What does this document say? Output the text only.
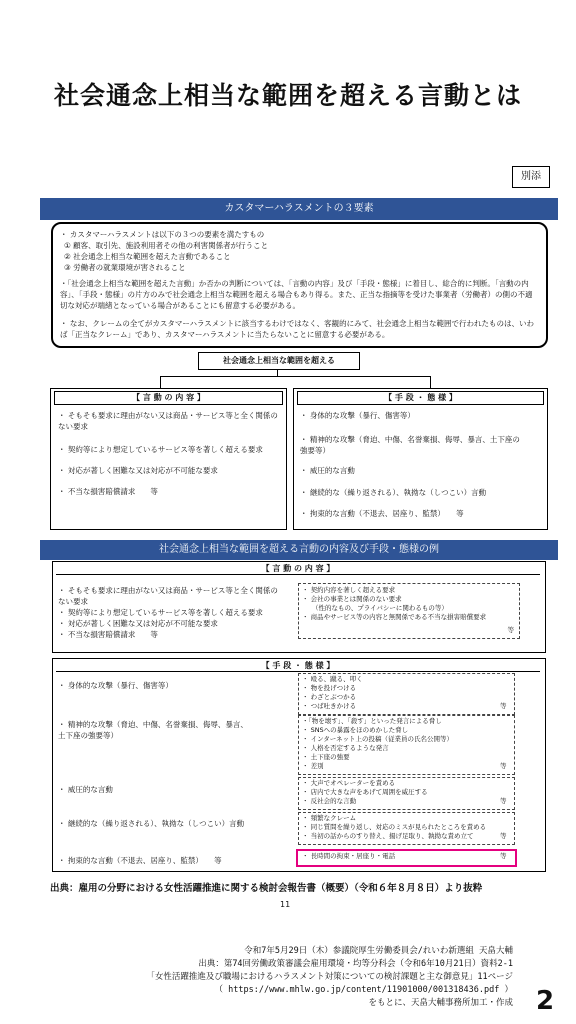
社会通念上相当な範囲を超える言動とは
別添
カスタマーハラスメントの３要素
・ カスタマーハラスメントは以下の３つの要素を満たすもの
① 顧客、取引先、施設利用者その他の利害関係者が行うこと
② 社会通念上相当な範囲を超えた言動であること
③ 労働者の就業環境が害されること
・「社会通念上相当な範囲を超えた言動」か否かの判断については、「言動の内容」及び「手段・態様」に着目し、総合的に判断。「言動の内容」、「手段・態様」の片方のみで社会通念上相当な範囲を超える場合もあり得る。また、正当な指摘等を受けた事業者（労働者）の側の不適切な対応が端緒となっている場合があることにも留意する必要がある。
・ なお、クレームの全てがカスタマーハラスメントに該当するわけではなく、客観的にみて、社会通念上相当な範囲で行われたものは、いわば「正当なクレーム」であり、カスタマーハラスメントに当たらないことに留意する必要がある。
社会通念上相当な範囲を超える
【 言 動 の 内 容 】
・ そもそも要求に理由がない又は商品・サービス等と全く関係のない要求
・ 契約等により想定しているサービス等を著しく超える要求
・ 対応が著しく困難な又は対応が不可能な要求
・ 不当な損害賠償請求　　等
【 手 段 ・ 態 様 】
・ 身体的な攻撃（暴行、傷害等）
・ 精神的な攻撃（脅迫、中傷、名誉棄損、侮辱、暴言、土下座の強要等）
・ 威圧的な言動
・ 継続的な（繰り返される）、執拗な（しつこい）言動
・ 拘束的な言動（不退去、居座り、監禁）　　等
社会通念上相当な範囲を超える言動の内容及び手段・態様の例
【 言 動 の 内 容 】
・ そもそも要求に理由がない又は商品・サービス等と全く関係のない要求
・ 契約等により想定しているサービス等を著しく超える要求
・ 対応が著しく困難な又は対応が不可能な要求
・ 不当な損害賠償請求　　等
・ 契約内容を著しく超える要求
・ 会社の事業とは関係のない要求
（性的なもの、プライバシーに関わるもの等）
・ 商品やサービス等の内容と無関係である不当な損害賠償要求
等
【 手 段 ・ 態 様 】
・ 身体的な攻撃（暴行、傷害等）
・ 殴る、蹴る、叩く
・ 物を投げつける
・ わざとぶつかる
・ つば吐きかける	等
・ 精神的な攻撃（脅迫、中傷、名誉棄損、侮辱、暴言、土下座の強要等）
・「物を壊す」、「殺す」といった発言による脅し
・ SNSへの暴露をほのめかした脅し
・ インターネット上の投稿（従業員の氏名公開等）
・ 人格を否定するような発言
・ 土下座の強要
・ 差別	等
・ 威圧的な言動
・ 大声でオペレーターを責める
・ 店内で大きな声をあげて周囲を威圧する
・ 反社会的な言動	等
・ 継続的な（繰り返される）、執拗な（しつこい）言動
・ 頻繁なクレーム
・ 同じ質問を繰り返し、対応のミスが見られたところを責める
・ 当初の話からのすり替え、揚げ足取り、執拗な責め立て	等
・ 拘束的な言動（不退去、居座り、監禁）　　等	・ 長時間の拘束・居座り・電話	等
出典：雇用の分野における女性活躍推進に関する検討会報告書（概要）（令和６年８月８日）より抜粋
11
令和7年5月29日（木）参議院厚生労働委員会/れいわ新選組 天畠大輔
出典：第74回労働政策審議会雇用環境・均等分科会（令和6年10月21日）資料2-1
「女性活躍推進及び職場におけるハラスメント対策についての検討課題と主な御意見」11ページ
（ https://www.mhlw.go.jp/content/11901000/001318436.pdf ）
をもとに、天畠大輔事務所加工・作成 2
